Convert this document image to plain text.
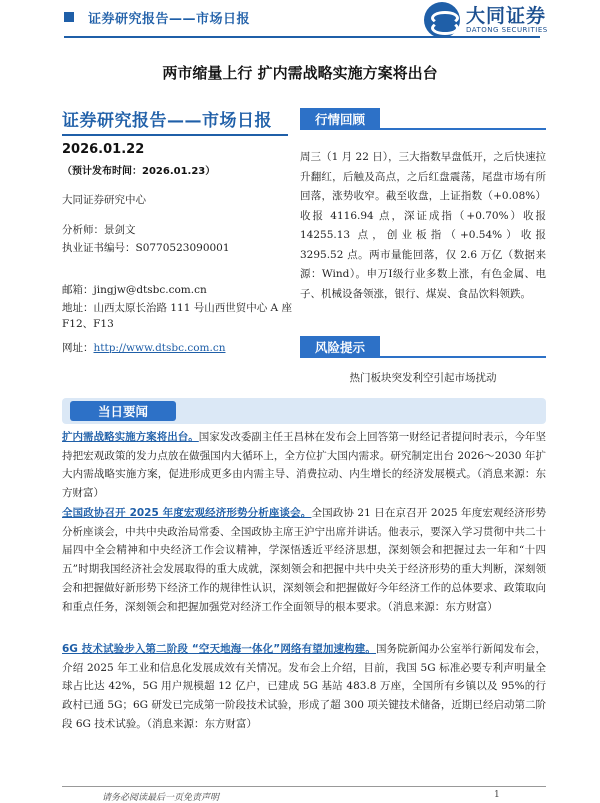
证券研究报告——市场日报	大同证券
DATONG SECURITIES
两市缩量上行 扩内需战略实施方案将出台
证券研究报告——市场日报
2026.01.22
（预计发布时间：2026.01.23）
大同证券研究中心
分析师：景剑文
执业证书编号：S0770523090001
邮箱：jingjw@dtsbc.com.cn
地址：山西太原长治路 111 号山西世贸中心 A 座 F12、F13
网址：http://www.dtsbc.com.cn
行情回顾
周三（1 月 22 日），三大指数早盘低开，之后快速拉升翻红，后触及高点，之后红盘震荡，尾盘市场有所回落，涨势收窄。截至收盘，上证指数（+0.08%）收报 4116.94 点，深证成指（+0.70%）收报 14255.13 点，创业板指（+0.54%）收报 3295.52 点。两市量能回落，仅 2.6 万亿（数据来源：Wind）。申万Ⅰ级行业多数上涨，有色金属、电子、机械设备领涨，银行、煤炭、食品饮料领跌。
风险提示
热门板块突发利空引起市场扰动
当日要闻
扩内需战略实施方案将出台。国家发改委副主任王昌林在发布会上回答第一财经记者提问时表示，今年坚持把宏观政策的发力点放在做强国内大循环上，全方位扩大国内需求。研究制定出台 2026～2030 年扩大内需战略实施方案，促进形成更多由内需主导、消费拉动、内生增长的经济发展模式。（消息来源：东方财富）
全国政协召开 2025 年度宏观经济形势分析座谈会。全国政协 21 日在京召开 2025 年度宏观经济形势分析座谈会，中共中央政治局常委、全国政协主席王沪宁出席并讲话。他表示，要深入学习贯彻中共二十届四中全会精神和中央经济工作会议精神，学深悟透近平经济思想，深刻领会和把握过去一年和“十四五”时期我国经济社会发展取得的重大成就，深刻领会和把握中共中央关于经济形势的重大判断，深刻领会和把握做好新形势下经济工作的规律性认识，深刻领会和把握做好今年经济工作的总体要求、政策取向和重点任务，深刻领会和把握加强党对经济工作全面领导的根本要求。（消息来源：东方财富）
6G 技术试验步入第二阶段 “空天地海一体化”网络有望加速构建。国务院新闻办公室举行新闻发布会，介绍 2025 年工业和信息化发展成效有关情况。发布会上介绍，目前，我国 5G 标准必要专利声明量全球占比达 42%，5G 用户规模超 12 亿户，已建成 5G 基站 483.8 万座，全国所有乡镇以及 95%的行政村已通 5G；6G 研发已完成第一阶段技术试验，形成了超 300 项关键技术储备，近期已经启动第二阶段 6G 技术试验。（消息来源：东方财富）
请务必阅读最后一页免责声明	1
